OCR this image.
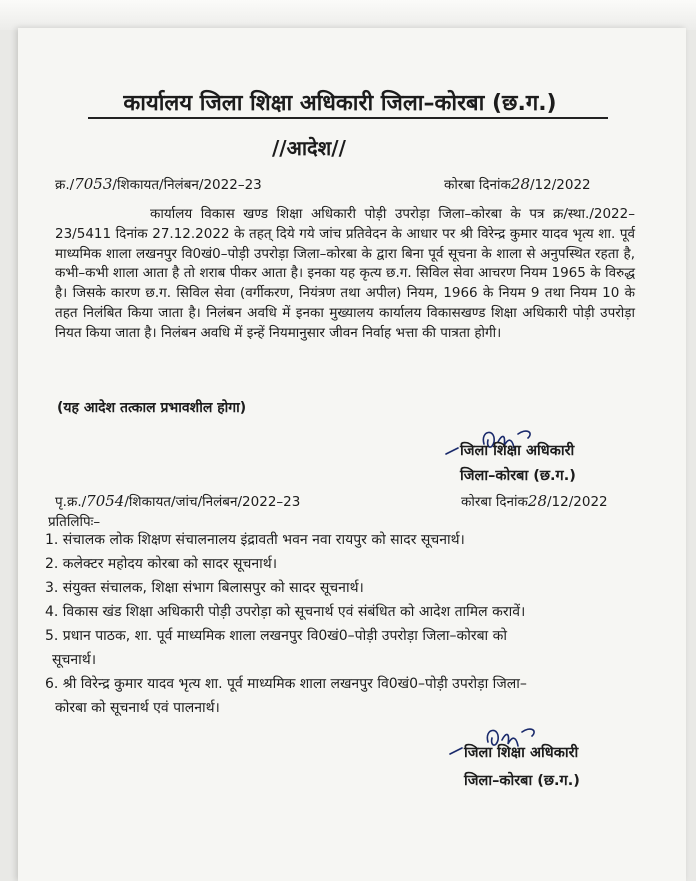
कार्यालय जिला शिक्षा अधिकारी जिला–कोरबा (छ.ग.)
//आदेश//
क्र./7053/शिकायत/निलंबन/2022–23	कोरबा दिनांक28/12/2022
कार्यालय विकास खण्ड शिक्षा अधिकारी पोड़ी उपरोड़ा जिला–कोरबा के पत्र क्र/स्था./2022–23/5411 दिनांक 27.12.2022 के तहत् दिये गये जांच प्रतिवेदन के आधार पर श्री विरेन्द्र कुमार यादव भृत्य शा. पूर्व माध्यमिक शाला लखनपुर वि0खं0–पोड़ी उपरोड़ा जिला–कोरबा के द्वारा बिना पूर्व सूचना के शाला से अनुपस्थित रहता है, कभी–कभी शाला आता है तो शराब पीकर आता है। इनका यह कृत्य छ.ग. सिविल सेवा आचरण नियम 1965 के विरुद्ध है। जिसके कारण छ.ग. सिविल सेवा (वर्गीकरण, नियंत्रण तथा अपील) नियम, 1966 के नियम 9 तथा नियम 10 के तहत निलंबित किया जाता है। निलंबन अवधि में इनका मुख्यालय कार्यालय विकासखण्ड शिक्षा अधिकारी पोड़ी उपरोड़ा नियत किया जाता है। निलंबन अवधि में इन्हें नियमानुसार जीवन निर्वाह भत्ता की पात्रता होगी।
(यह आदेश तत्काल प्रभावशील होगा)
जिला शिक्षा अधिकारी
जिला–कोरबा (छ.ग.)
पृ.क्र./7054/शिकायत/जांच/निलंबन/2022–23	कोरबा दिनांक28/12/2022
प्रतिलिपिः–
1. संचालक लोक शिक्षण संचालनालय इंद्रावती भवन नवा रायपुर को सादर सूचनार्थ।
2. कलेक्टर महोदय कोरबा को सादर सूचनार्थ।
3. संयुक्त संचालक, शिक्षा संभाग बिलासपुर को सादर सूचनार्थ।
4. विकास खंड शिक्षा अधिकारी पोड़ी उपरोड़ा को सूचनार्थ एवं संबंधित को आदेश तामिल करावें।
5. प्रधान पाठक, शा. पूर्व माध्यमिक शाला लखनपुर वि0खं0–पोड़ी उपरोड़ा जिला–कोरबा को
सूचनार्थ।
6. श्री विरेन्द्र कुमार यादव भृत्य शा. पूर्व माध्यमिक शाला लखनपुर वि0खं0–पोड़ी उपरोड़ा जिला–
कोरबा को सूचनार्थ एवं पालनार्थ।
जिला शिक्षा अधिकारी
जिला–कोरबा (छ.ग.)
